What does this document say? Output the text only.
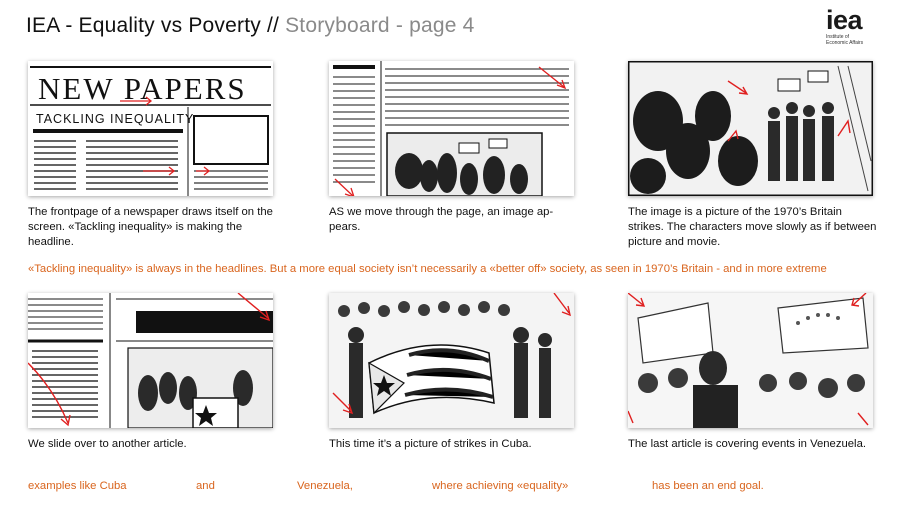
IEA - Equality vs Poverty // Storyboard - page 4	iea
Institute of
Economic Affairs
NEW PAPERS
TACKLING INEQUALITY
The frontpage of a newspaper draws itself on the screen. «Tackling inequality» is making the headline.
AS we move through the page, an image ap-pears.
The image is a picture of the 1970’s Britain strikes. The characters move slowly as if between picture and movie.
«Tackling inequality» is always in the headlines. But a more equal society isn’t necessarily a «better off» society, as seen in 1970’s Britain - and in more extreme
We slide over to another article.	This time it’s a picture of strikes in Cuba.	The last article is covering events in Venezuela.
examples like Cuba	and	Venezuela,	where achieving «equality»	has been an end goal.
